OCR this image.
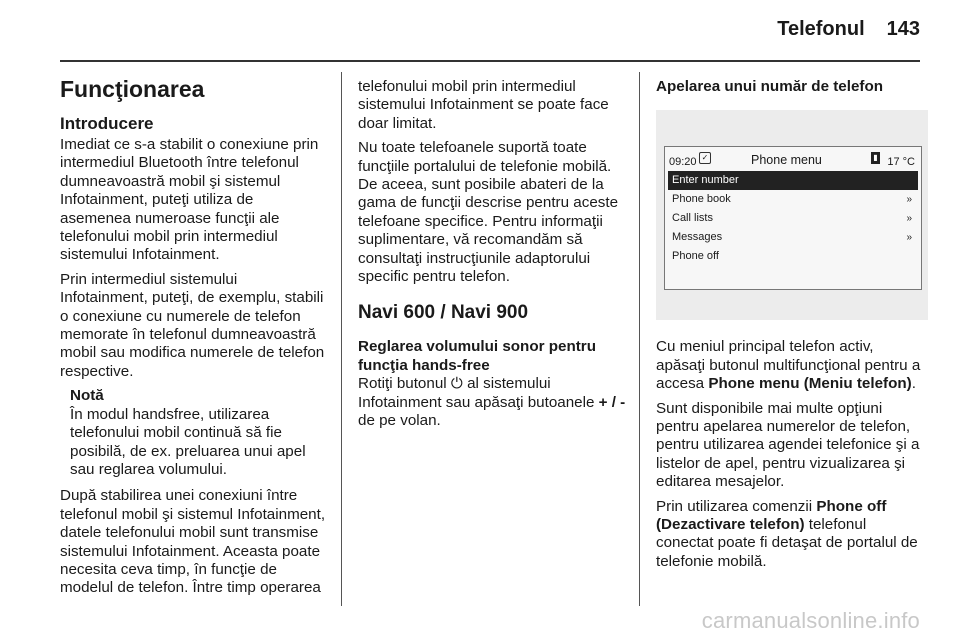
Telefonul 143
Funcţionarea
Introducere

Imediat ce s-a stabilit o conexiune prin intermediul Bluetooth între telefonul dumneavoastră mobil şi sistemul Infotainment, puteţi utiliza de asemenea numeroase funcţii ale telefonului mobil prin intermediul sistemului Infotainment.

Prin intermediul sistemului Infotainment, puteţi, de exemplu, stabili o conexiune cu numerele de telefon memorate în telefonul dumneavoastră mobil sau modifica numerele de telefon respective.

Notă
În modul handsfree, utilizarea telefonului mobil continuă să fie posibilă, de ex. preluarea unui apel sau reglarea volumului.

După stabilirea unei conexiuni între telefonul mobil şi sistemul Infotainment, datele telefonului mobil sunt transmise sistemului Infotainment. Aceasta poate necesita ceva timp, în funcţie de modelul de telefon. Între timp operarea

telefonului mobil prin intermediul sistemului Infotainment se poate face doar limitat.

Nu toate telefoanele suportă toate funcţiile portalului de telefonie mobilă. De aceea, sunt posibile abateri de la gama de funcţii descrise pentru aceste telefoane specifice. Pentru informaţii suplimentare, vă recomandăm să consultaţi instrucţiunile adaptorului specific pentru telefon.

Navi 600 / Navi 900
Reglarea volumului sonor pentru funcţia hands-free

Rotiţi butonul ⏻ al sistemului Infotainment sau apăsaţi butoanele + / - de pe volan.

Apelarea unui număr de telefon
09:20 ✓	Phone menu	▮ 17 °C
Enter number
Phone book	»
Call lists	»
Messages	»
Phone off

Cu meniul principal telefon activ, apăsaţi butonul multifuncţional pentru a accesa Phone menu (Meniu telefon).

Sunt disponibile mai multe opţiuni pentru apelarea numerelor de telefon, pentru utilizarea agendei telefonice şi a listelor de apel, pentru vizualizarea şi editarea mesajelor.

Prin utilizarea comenzii Phone off (Dezactivare telefon) telefonul conectat poate fi detaşat de portalul de telefonie mobilă.

carmanualsonline.info
